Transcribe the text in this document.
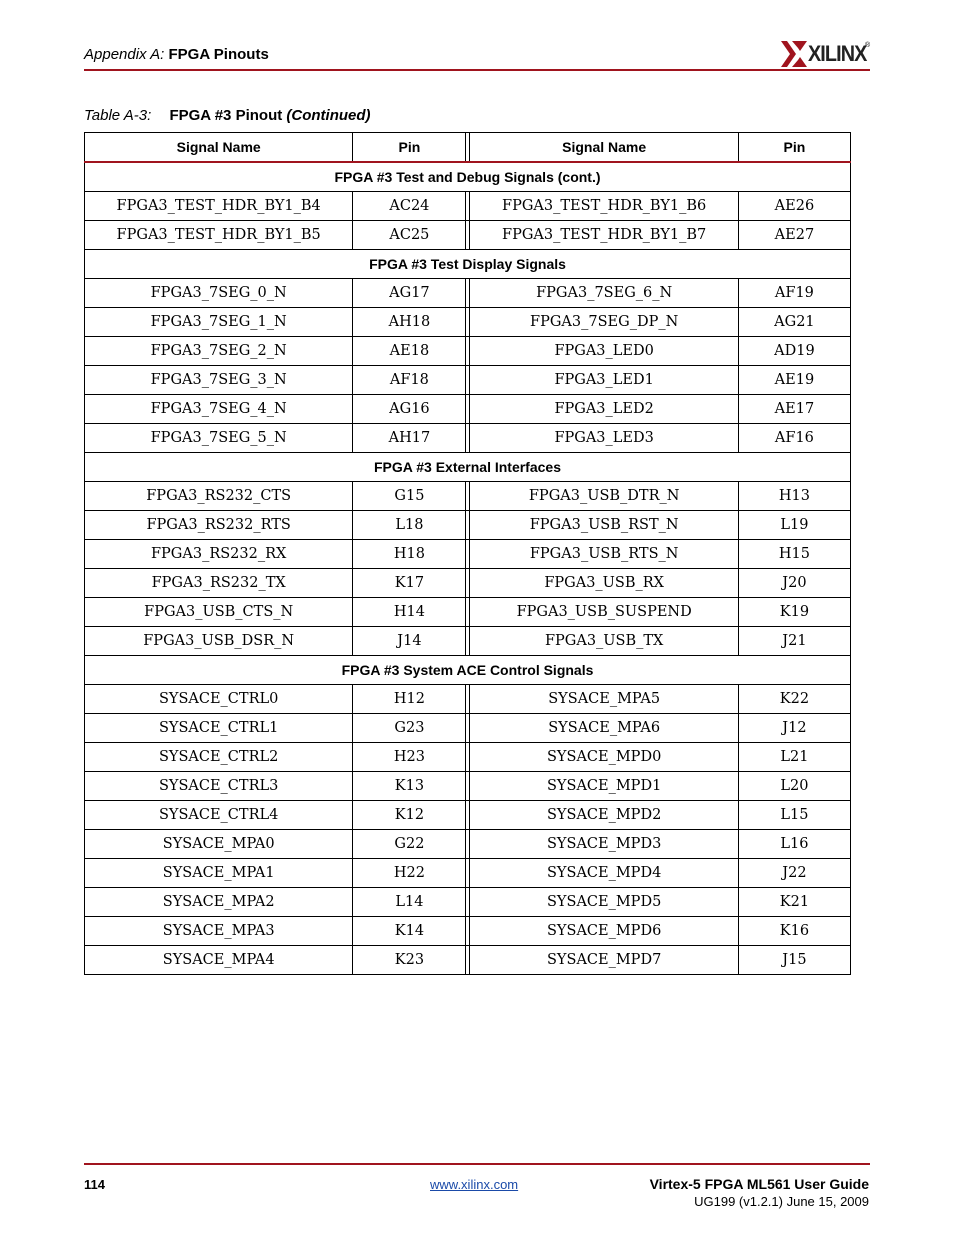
Appendix A: FPGA Pinouts	XILINX
®
Table A-3: FPGA #3 Pinout (Continued)
Signal Name	Pin		Signal Name	Pin
FPGA #3 Test and Debug Signals (cont.)				
FPGA3_TEST_HDR_BY1_B4	AC24		FPGA3_TEST_HDR_BY1_B6	AE26
FPGA3_TEST_HDR_BY1_B5	AC25		FPGA3_TEST_HDR_BY1_B7	AE27
FPGA #3 Test Display Signals				
FPGA3_7SEG_0_N	AG17		FPGA3_7SEG_6_N	AF19
FPGA3_7SEG_1_N	AH18		FPGA3_7SEG_DP_N	AG21
FPGA3_7SEG_2_N	AE18		FPGA3_LED0	AD19
FPGA3_7SEG_3_N	AF18		FPGA3_LED1	AE19
FPGA3_7SEG_4_N	AG16		FPGA3_LED2	AE17
FPGA3_7SEG_5_N	AH17		FPGA3_LED3	AF16
FPGA #3 External Interfaces				
FPGA3_RS232_CTS	G15		FPGA3_USB_DTR_N	H13
FPGA3_RS232_RTS	L18		FPGA3_USB_RST_N	L19
FPGA3_RS232_RX	H18		FPGA3_USB_RTS_N	H15
FPGA3_RS232_TX	K17		FPGA3_USB_RX	J20
FPGA3_USB_CTS_N	H14		FPGA3_USB_SUSPEND	K19
FPGA3_USB_DSR_N	J14		FPGA3_USB_TX	J21
FPGA #3 System ACE Control Signals				
SYSACE_CTRL0	H12		SYSACE_MPA5	K22
SYSACE_CTRL1	G23		SYSACE_MPA6	J12
SYSACE_CTRL2	H23		SYSACE_MPD0	L21
SYSACE_CTRL3	K13		SYSACE_MPD1	L20
SYSACE_CTRL4	K12		SYSACE_MPD2	L15
SYSACE_MPA0	G22		SYSACE_MPD3	L16
SYSACE_MPA1	H22		SYSACE_MPD4	J22
SYSACE_MPA2	L14		SYSACE_MPD5	K21
SYSACE_MPA3	K14		SYSACE_MPD6	K16
SYSACE_MPA4	K23		SYSACE_MPD7	J15
114	www.xilinx.com	Virtex-5 FPGA ML561 User Guide
UG199 (v1.2.1) June 15, 2009
